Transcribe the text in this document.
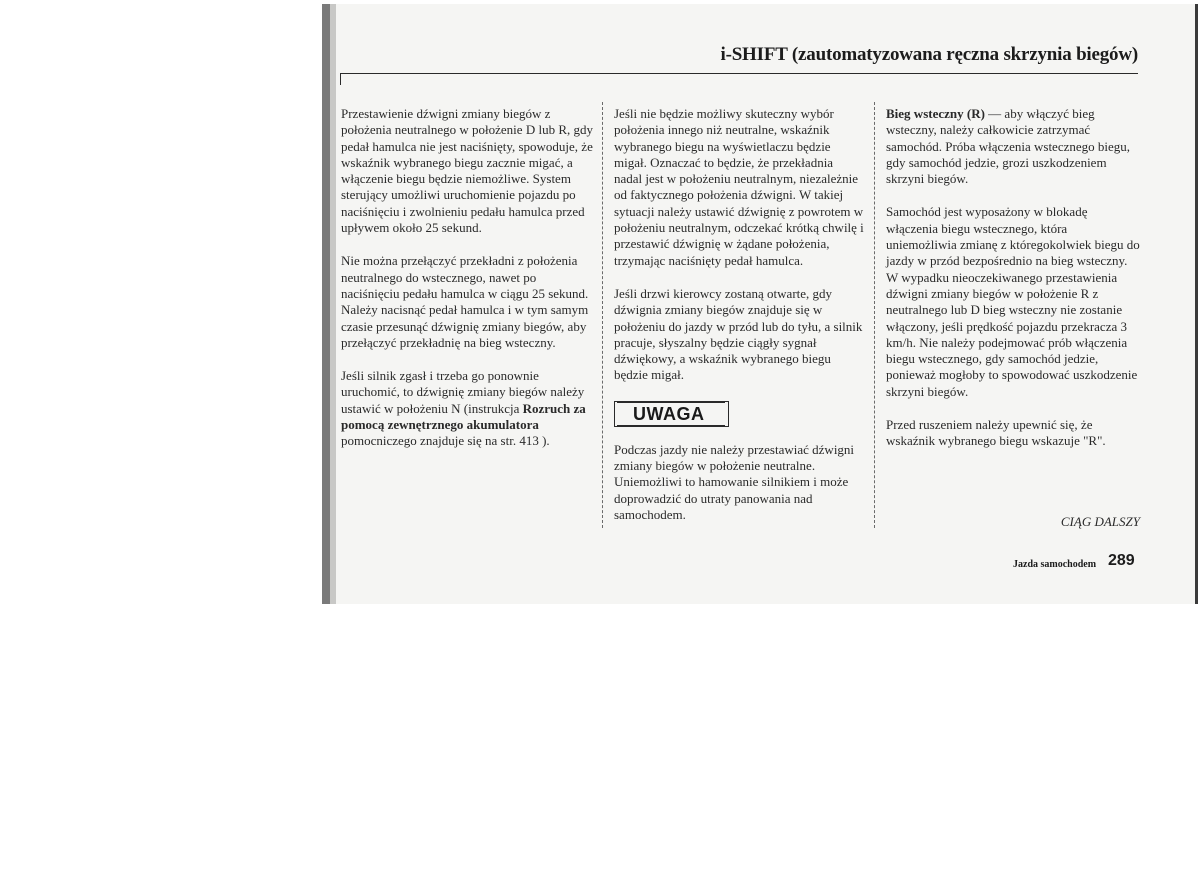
i-SHIFT (zautomatyzowana ręczna skrzynia biegów)

Przestawienie dźwigni zmiany biegów z położenia neutralnego w położenie D lub R, gdy pedał hamulca nie jest naciśnięty, spowoduje, że wskaźnik wybranego biegu zacznie migać, a włączenie biegu będzie niemożliwe. System sterujący umożliwi uruchomienie pojazdu po naciśnięciu i zwolnieniu pedału hamulca przed upływem około 25 sekund.

Nie można przełączyć przekładni z położenia neutralnego do wstecznego, nawet po naciśnięciu pedału hamulca w ciągu 25 sekund. Należy nacisnąć pedał hamulca i w tym samym czasie przesunąć dźwignię zmiany biegów, aby przełączyć przekładnię na bieg wsteczny.

Jeśli silnik zgasł i trzeba go ponownie uruchomić, to dźwignię zmiany biegów należy ustawić w położeniu N (instrukcja Rozruch za pomocą zewnętrznego akumulatora pomocniczego znajduje się na str. 413 ).

Jeśli nie będzie możliwy skuteczny wybór położenia innego niż neutralne, wskaźnik wybranego biegu na wyświetlaczu będzie migał. Oznaczać to będzie, że przekładnia nadal jest w położeniu neutralnym, niezależnie od faktycznego położenia dźwigni. W takiej sytuacji należy ustawić dźwignię z powrotem w położeniu neutralnym, odczekać krótką chwilę i przestawić dźwignię w żądane położenia, trzymając naciśnięty pedał hamulca.

Jeśli drzwi kierowcy zostaną otwarte, gdy dźwignia zmiany biegów znajduje się w położeniu do jazdy w przód lub do tyłu, a silnik pracuje, słyszalny będzie ciągły sygnał dźwiękowy, a wskaźnik wybranego biegu będzie migał.

UWAGA

Podczas jazdy nie należy przestawiać dźwigni zmiany biegów w położenie neutralne. Uniemożliwi to hamowanie silnikiem i może doprowadzić do utraty panowania nad samochodem.

Bieg wsteczny (R) — aby włączyć bieg wsteczny, należy całkowicie zatrzymać samochód. Próba włączenia wstecznego biegu, gdy samochód jedzie, grozi uszkodzeniem skrzyni biegów.

Samochód jest wyposażony w blokadę włączenia biegu wstecznego, która uniemożliwia zmianę z któregokolwiek biegu do jazdy w przód bezpośrednio na bieg wsteczny. W wypadku nieoczekiwanego przestawienia dźwigni zmiany biegów w położenie R z neutralnego lub D bieg wsteczny nie zostanie włączony, jeśli prędkość pojazdu przekracza 3 km/h. Nie należy podejmować prób włączenia biegu wstecznego, gdy samochód jedzie, ponieważ mogłoby to spowodować uszkodzenie skrzyni biegów.

Przed ruszeniem należy upewnić się, że wskaźnik wybranego biegu wskazuje "R".

CIĄG DALSZY
Jazda samochodem 289
